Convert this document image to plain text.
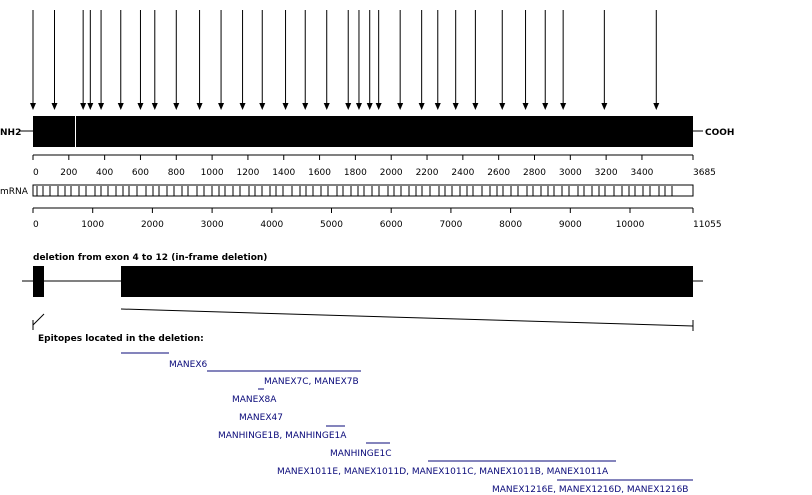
NH2	COOH
0 200 400 600 800 1000 1200 1400 1600 1800 2000 2200 2400 2600 2800 3000 3200 3400	3685
mRNA
0	1000	2000	3000	4000	5000	6000	7000	8000	9000	10000	11055
deletion from exon 4 to 12 (in-frame deletion)
Epitopes located in the deletion:
MANEX6
MANEX7C, MANEX7B
MANEX8A
MANEX47
MANHINGE1B, MANHINGE1A
MANHINGE1C
MANEX1011E, MANEX1011D, MANEX1011C, MANEX1011B, MANEX1011A
MANEX1216E, MANEX1216D, MANEX1216B
